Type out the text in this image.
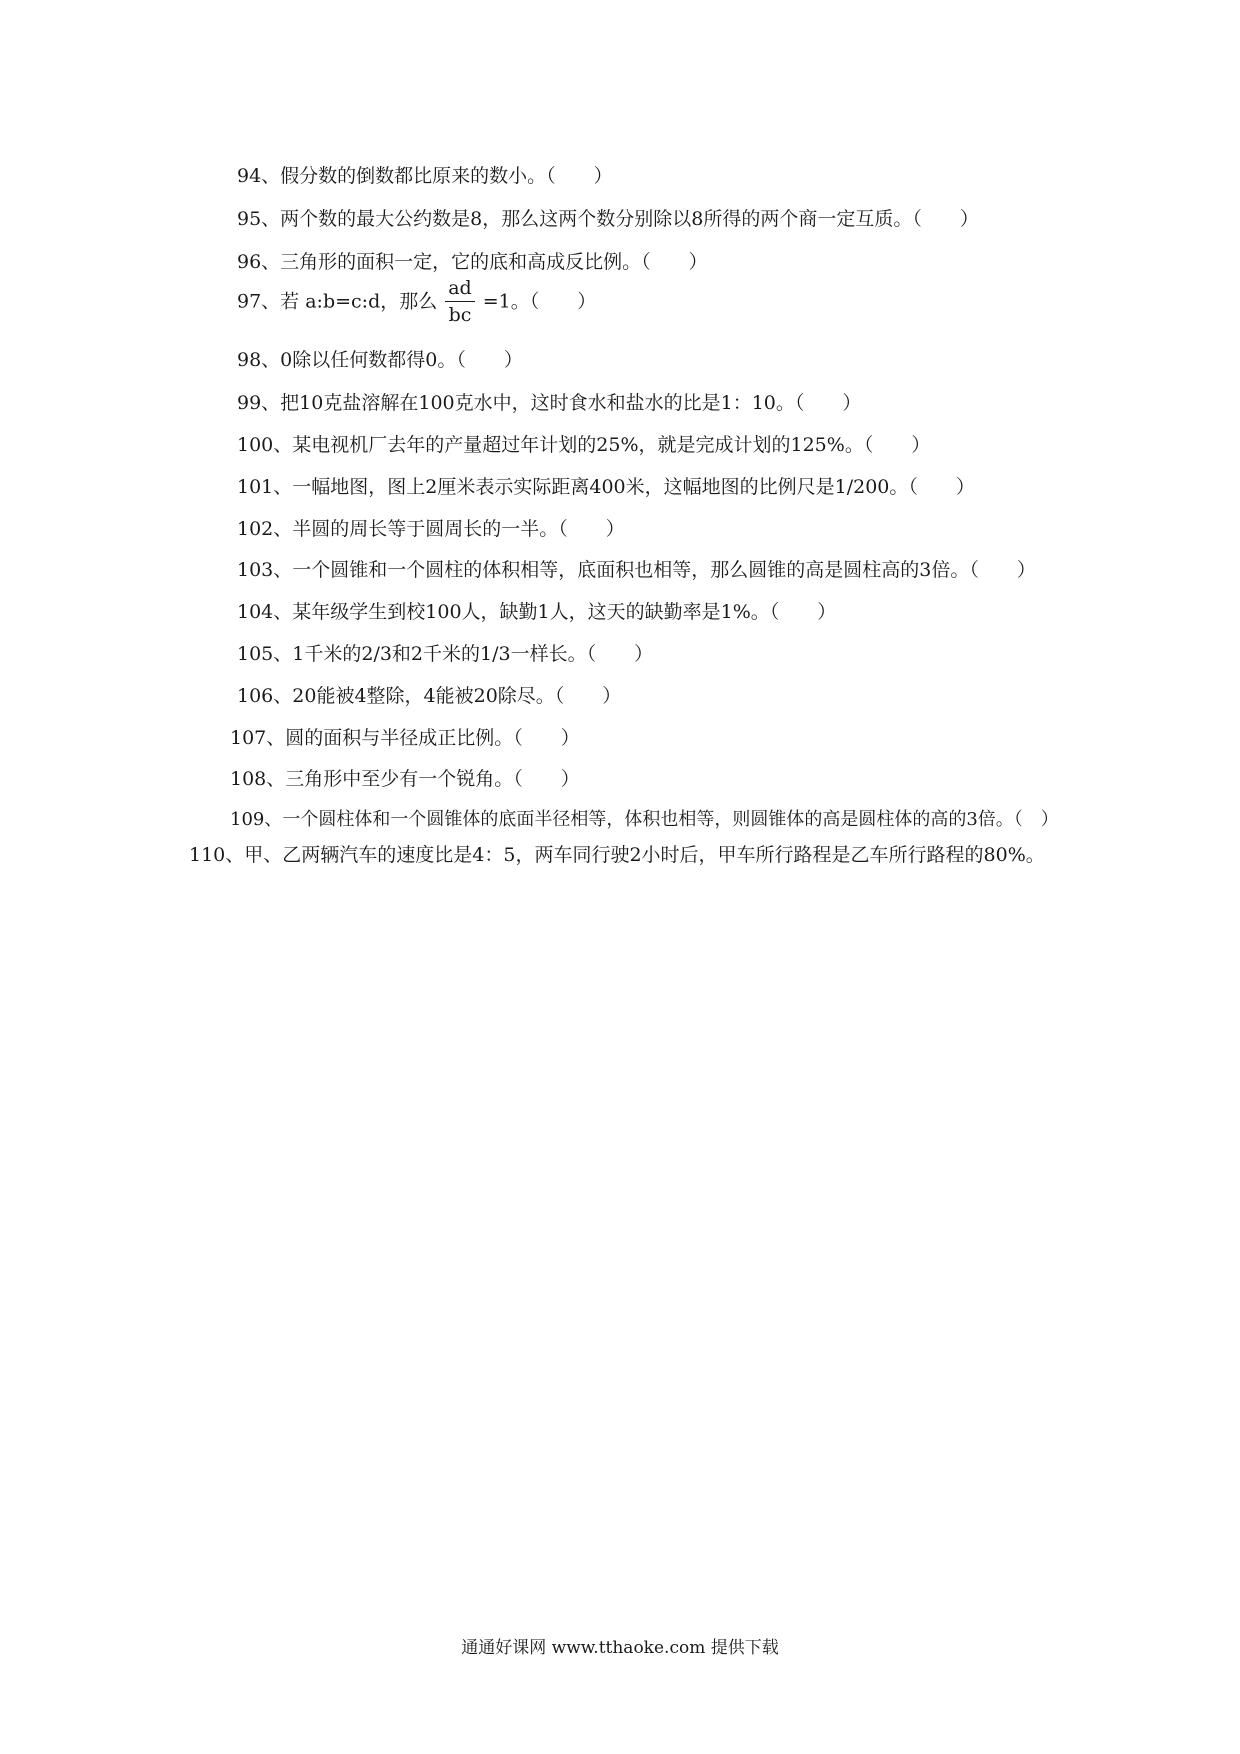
94、假分数的倒数都比原来的数小。（　　）
95、两个数的最大公约数是8，那么这两个数分别除以8所得的两个商一定互质。（　　）
96、三角形的面积一定，它的底和高成反比例。（　　）
97、若 a:b=c:d，那么 $\frac{ad}{bc} =1$。（　　）
98、0除以任何数都得0。（　　）
99、把10克盐溶解在100克水中，这时食水和盐水的比是1：10。（　　）
100、某电视机厂去年的产量超过年计划的25%，就是完成计划的125%。（　　）
101、一幅地图，图上2厘米表示实际距离400米，这幅地图的比例尺是1/200。（　　）
102、半圆的周长等于圆周长的一半。（　　）
103、一个圆锥和一个圆柱的体积相等，底面积也相等，那么圆锥的高是圆柱高的3倍。（　　）
104、某年级学生到校100人，缺勤1人，这天的缺勤率是1%。（　　）
105、1千米的2/3和2千米的1/3一样长。（　　）
106、20能被4整除，4能被20除尽。（　　）
107、圆的面积与半径成正比例。（　　）
108、三角形中至少有一个锐角。（　　）
109、一个圆柱体和一个圆锥体的底面半径相等，体积也相等，则圆锥体的高是圆柱体的高的3倍。（　）
110、甲、乙两辆汽车的速度比是4：5，两车同行驶2小时后，甲车所行路程是乙车所行路程的80%。
通通好课网 www.tthaoke.com 提供下载
